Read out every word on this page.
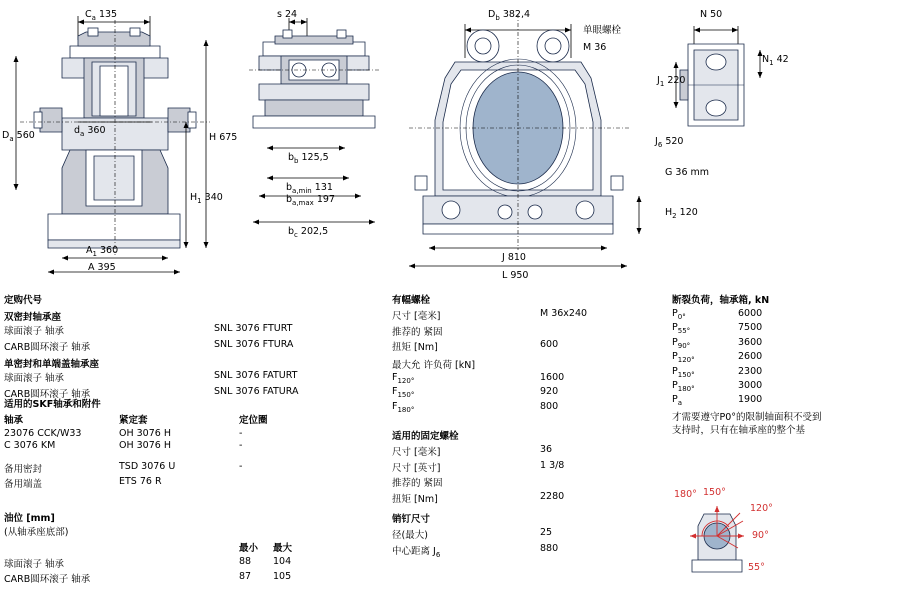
$C_a$ 135
$D_a$ 560	$d_a$ 360
H 675
$H_1$ 340
$A_1$ 360
A 395
s 24
$b_b$ 125,5
$b_{a,min}$ 131
$b_{a,max}$ 197
$b_c$ 202,5
$D_b$ 382,4
单眼螺栓
M 36
J 810
L 950
$H_2$ 120
N 50
$N_1$ 42
$J_1$ 220
$J_6$ 520
G 36 mm
定购代号
双密封轴承座
球面滚子 轴承	SNL 3076 FTURT
CARB圆环滚子 轴承	SNL 3076 FTURA
单密封和单端盖轴承座
球面滚子 轴承	SNL 3076 FATURT
CARB圆环滚子 轴承	SNL 3076 FATURA
适用的SKF轴承和附件
轴承	紧定套	定位圈
23076 CCK/W33	OH 3076 H	-
C 3076 KM	OH 3076 H	-
备用密封	TSD 3076 U	-
备用端盖	ETS 76 R	
油位 [mm]
(从轴承座底部)
	最小	最大
球面滚子 轴承	88	104
CARB圆环滚子 轴承	87	105
有幅螺栓
尺寸 [毫米]	M 36x240
推荐的 紧固	
扭矩 [Nm]	600
最大允 许负荷 [kN]	
$F_{120^\circ}$	1600
$F_{150^\circ}$	920
$F_{180^\circ}$	800
适用的固定螺栓
尺寸 [毫米]	36
尺寸 [英寸]	1 3/8
推荐的 紧固	
扭矩 [Nm]	2280
销钉尺寸
径(最大)	25
中心距离 $J_6$	880
断裂负荷，轴承箱, kN
$P_{0^\circ}$	6000
$P_{55^\circ}$	7500
$P_{90^\circ}$	3600
$P_{120^\circ}$	2600
$P_{150^\circ}$	2300
$P_{180^\circ}$	3000
$P_a$	1900
才需要遵守P0°的限制轴面积不受到支持时，只有在轴承座的整个基
180° 150°
120°
90°
55°
